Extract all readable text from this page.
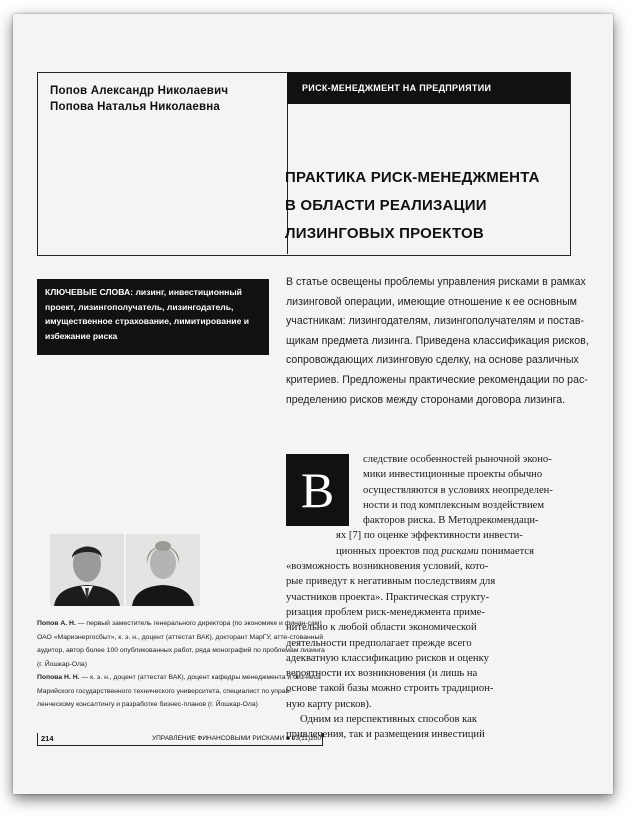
Попов Александр Николаевич
Попова Наталья Николаевна
РИСК-МЕНЕДЖМЕНТ НА ПРЕДПРИЯТИИ
ПРАКТИКА РИСК-МЕНЕДЖМЕНТА
В ОБЛАСТИ РЕАЛИЗАЦИИ
ЛИЗИНГОВЫХ ПРОЕКТОВ
КЛЮЧЕВЫЕ СЛОВА: лизинг, инвестиционный проект, лизингополучатель, лизингодатель, имущественное страхование, лимитирование и избежание риска
В статье освещены проблемы управления рисками в рамках
лизинговой операции, имеющие отношение к ее основным
участникам: лизингодателям, лизингополучателям и постав-
щикам предмета лизинга. Приведена классификация рисков,
сопровождающих лизинговую сделку, на основе различных
критериев. Предложены практические рекомендации по рас-
пределению рисков между сторонами договора лизинга.
В
следствие особенностей рыночной эконо-
мики инвестиционные проекты обычно
осуществляются в условиях неопределен-
ности и под комплексным воздействием
факторов риска. В Методрекомендаци-
ях [7] по оценке эффективности инвести-
ционных проектов под рисками понимается
«возможность возникновения условий, кото-
рые приведут к негативным последствиям для
участников проекта». Практическая структу-
ризация проблем риск-менеджмента приме-
нительно к любой области экономической
деятельности предполагает прежде всего
адекватную классификацию рисков и оценку
вероятности их возникновения (и лишь на
основе такой базы можно строить традицион-
ную карту рисков).
Одним из перспективных способов как
привлечения, так и размещения инвестиций
Попов А. Н. — первый заместитель генерального директора (по экономике и финан-сам) ОАО «Мариэнергосбыт», к. э. н., доцент (аттестат ВАК), докторант МарГУ, атте-стованный аудитор, автор более 100 опубликованных работ, ряда монографий по проблемам лизинга (г. Йошкар-Ола)
Попова Н. Н. — к. э. н., доцент (аттестат ВАК), доцент кафедры менеджмента и биз-неса Марийского государственного технического университета, специалист по управ-ленческому консалтингу и разработке бизнес-планов (г. Йошкар-Ола)
214	УПРАВЛЕНИЕ ФИНАНСОВЫМИ РИСКАМИ ■ 03(11)2007
